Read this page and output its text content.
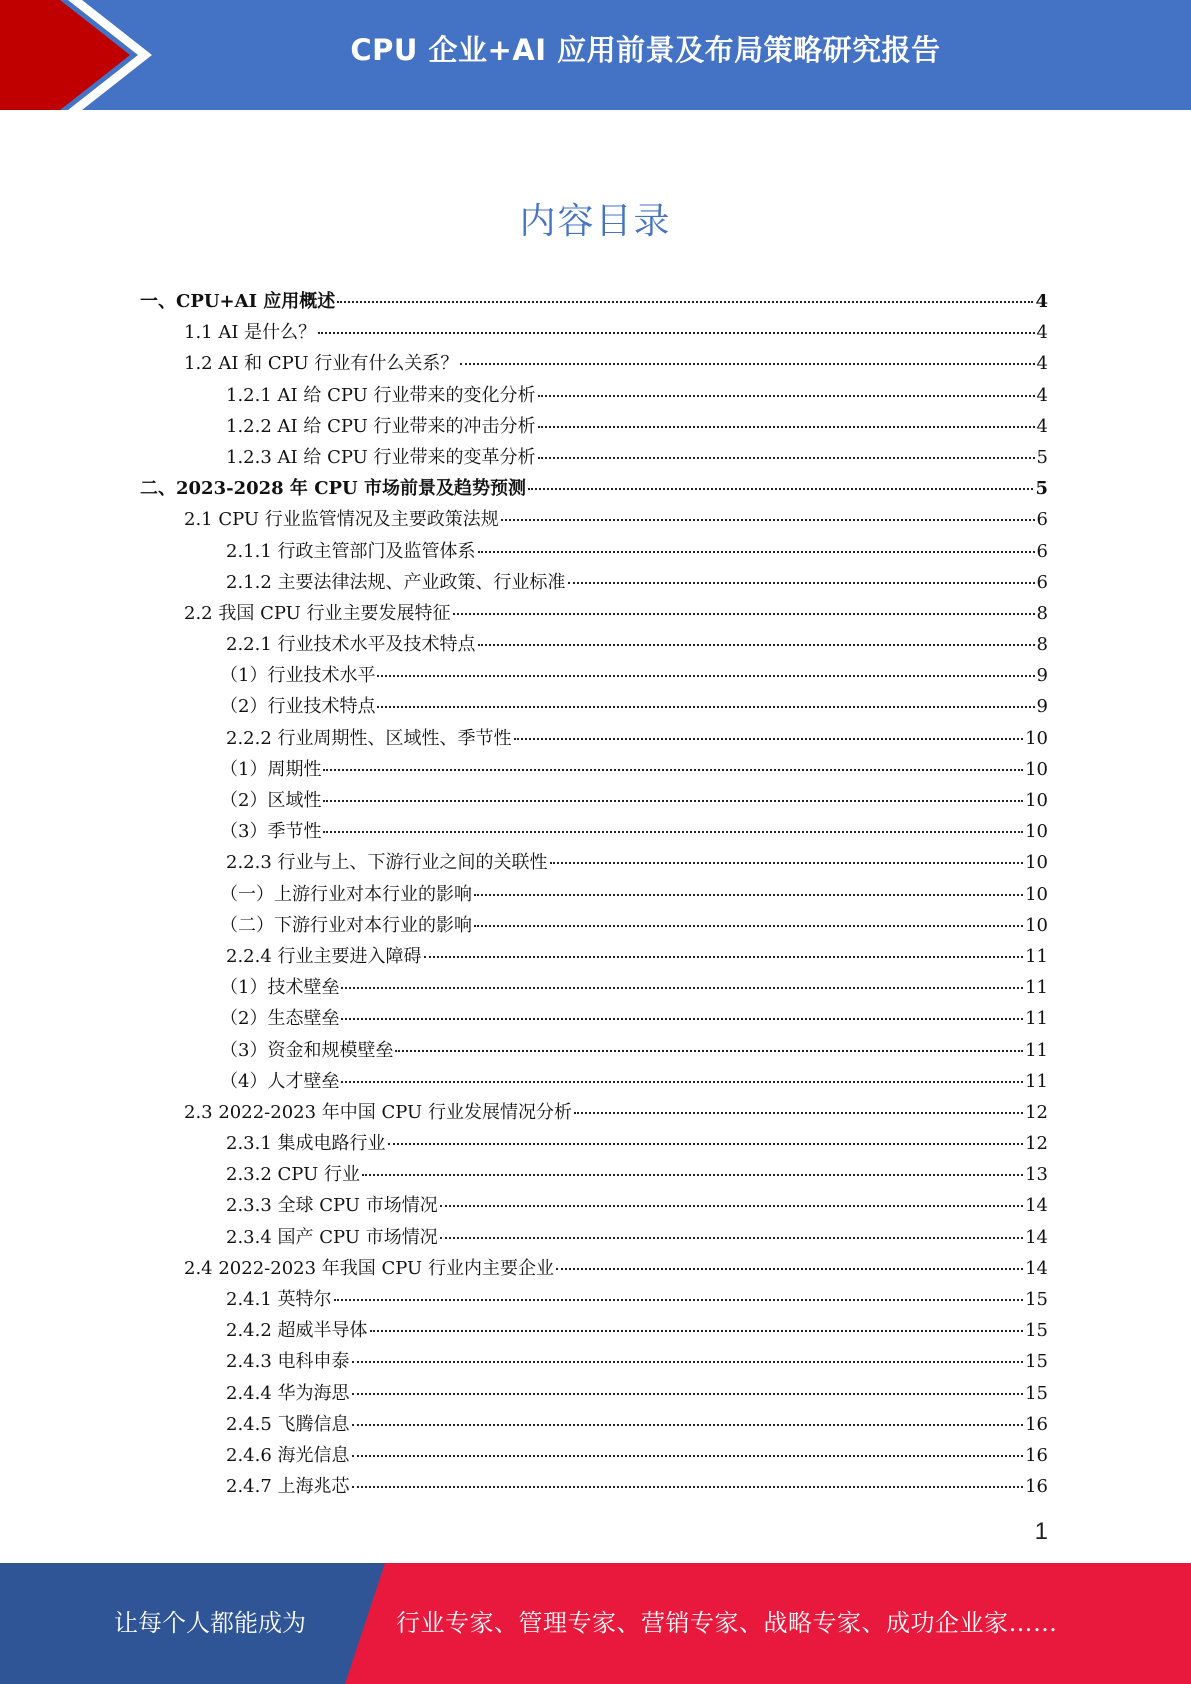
CPU 企业+AI 应用前景及布局策略研究报告
内容目录
一、CPU+AI 应用概述	4
1.1 AI 是什么？	4
1.2 AI 和 CPU 行业有什么关系？	4
1.2.1 AI 给 CPU 行业带来的变化分析	4
1.2.2 AI 给 CPU 行业带来的冲击分析	4
1.2.3 AI 给 CPU 行业带来的变革分析	5
二、2023-2028 年 CPU 市场前景及趋势预测	5
2.1 CPU 行业监管情况及主要政策法规	6
2.1.1 行政主管部门及监管体系	6
2.1.2 主要法律法规、产业政策、行业标准	6
2.2 我国 CPU 行业主要发展特征	8
2.2.1 行业技术水平及技术特点	8
（1）行业技术水平	9
（2）行业技术特点	9
2.2.2 行业周期性、区域性、季节性	10
（1）周期性	10
（2）区域性	10
（3）季节性	10
2.2.3 行业与上、下游行业之间的关联性	10
（一）上游行业对本行业的影响	10
（二）下游行业对本行业的影响	10
2.2.4 行业主要进入障碍	11
（1）技术壁垒	11
（2）生态壁垒	11
（3）资金和规模壁垒	11
（4）人才壁垒	11
2.3 2022-2023 年中国 CPU 行业发展情况分析	12
2.3.1 集成电路行业	12
2.3.2 CPU 行业	13
2.3.3 全球 CPU 市场情况	14
2.3.4 国产 CPU 市场情况	14
2.4 2022-2023 年我国 CPU 行业内主要企业	14
2.4.1 英特尔	15
2.4.2 超威半导体	15
2.4.3 电科申泰	15
2.4.4 华为海思	15
2.4.5 飞腾信息	16
2.4.6 海光信息	16
2.4.7 上海兆芯	16
1
让每个人都能成为	行业专家、管理专家、营销专家、战略专家、成功企业家……
